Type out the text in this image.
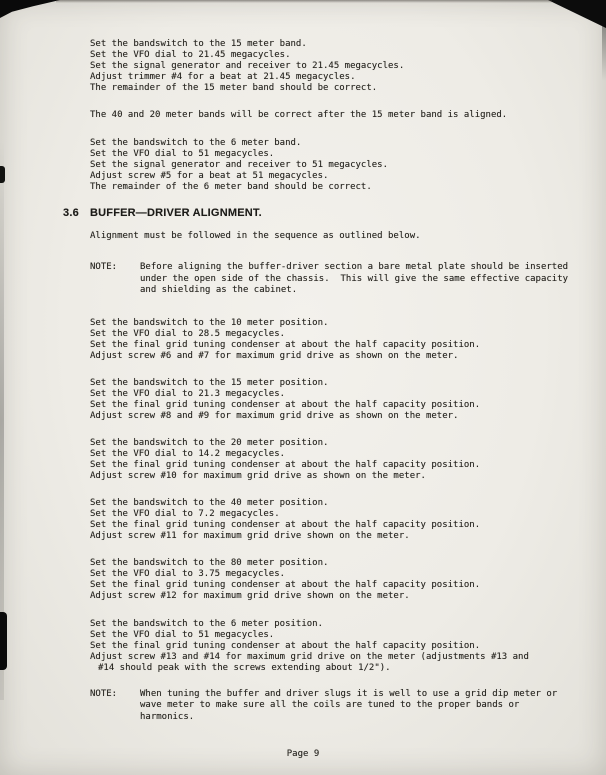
Set the bandswitch to the 15 meter band.
Set the VFO dial to 21.45 megacycles.
Set the signal generator and receiver to 21.45 megacycles.
Adjust trimmer #4 for a beat at 21.45 megacycles.
The remainder of the 15 meter band should be correct.

The 40 and 20 meter bands will be correct after the 15 meter band is aligned.

Set the bandswitch to the 6 meter band.
Set the VFO dial to 51 megacycles.
Set the signal generator and receiver to 51 megacycles.
Adjust screw #5 for a beat at 51 megacycles.
The remainder of the 6 meter band should be correct.
3.6 BUFFER—DRIVER ALIGNMENT.

Alignment must be followed in the sequence as outlined below.

NOTE:	Before aligning the buffer-driver section a bare metal plate should be inserted under the open side of the chassis.  This will give the same effective capacity and shielding as the cabinet.
Set the bandswitch to the 10 meter position.
Set the VFO dial to 28.5 megacycles.
Set the final grid tuning condenser at about the half capacity position.
Adjust screw #6 and #7 for maximum grid drive as shown on the meter.
Set the bandswitch to the 15 meter position.
Set the VFO dial to 21.3 megacycles.
Set the final grid tuning condenser at about the half capacity position.
Adjust screw #8 and #9 for maximum grid drive as shown on the meter.
Set the bandswitch to the 20 meter position.
Set the VFO dial to 14.2 megacycles.
Set the final grid tuning condenser at about the half capacity position.
Adjust screw #10 for maximum grid drive as shown on the meter.
Set the bandswitch to the 40 meter position.
Set the VFO dial to 7.2 megacycles.
Set the final grid tuning condenser at about the half capacity position.
Adjust screw #11 for maximum grid drive shown on the meter.
Set the bandswitch to the 80 meter position.
Set the VFO dial to 3.75 megacycles.
Set the final grid tuning condenser at about the half capacity position.
Adjust screw #12 for maximum grid drive shown on the meter.
Set the bandswitch to the 6 meter position.
Set the VFO dial to 51 megacycles.
Set the final grid tuning condenser at about the half capacity position.
Adjust screw #13 and #14 for maximum grid drive on the meter (adjustments #13 and #14 should peak with the screws extending about 1/2").
NOTE:	When tuning the buffer and driver slugs it is well to use a grid dip meter or wave meter to make sure all the coils are tuned to the proper bands or harmonics.
Page 9
